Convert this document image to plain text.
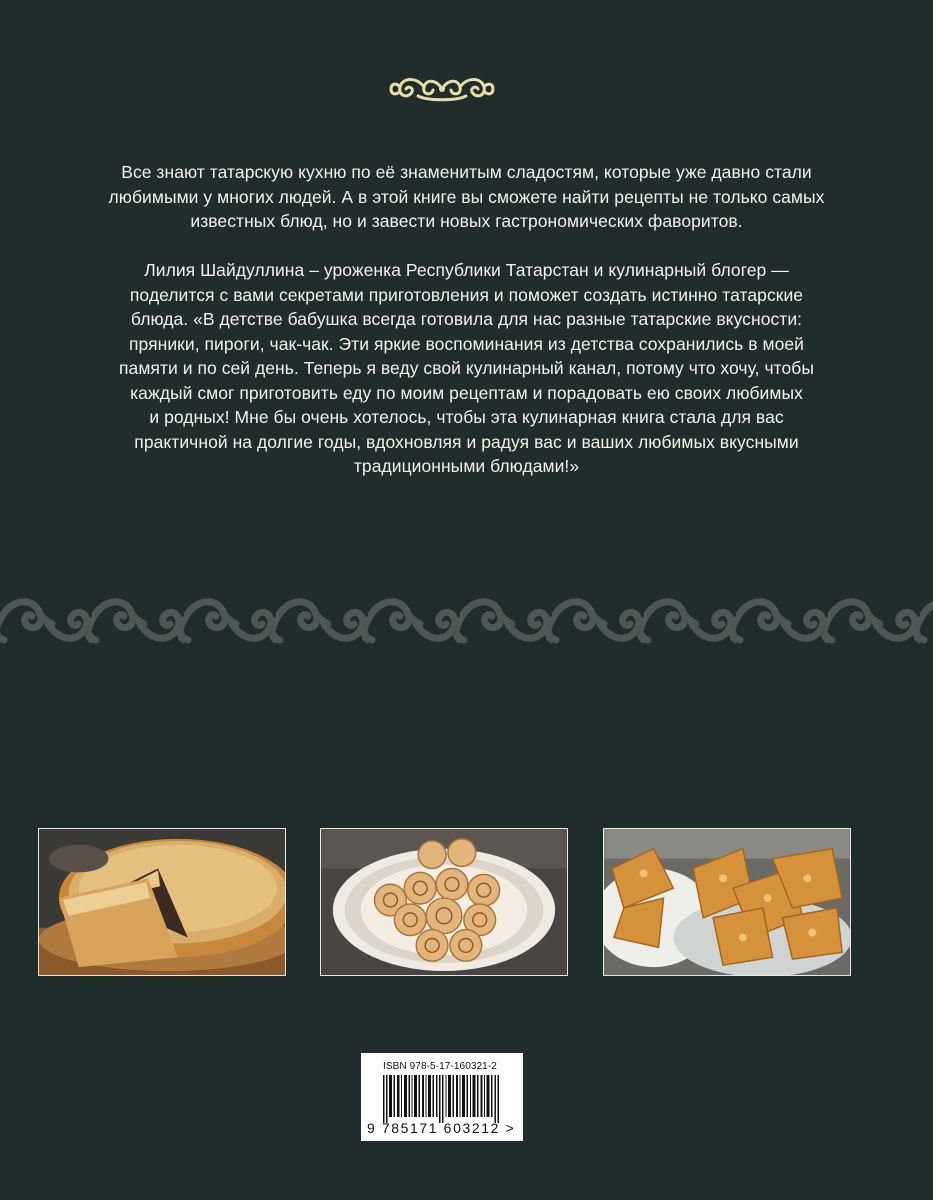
Все знают татарскую кухню по её знаменитым сладостям, которые уже давно стали
любимыми у многих людей. А в этой книге вы сможете найти рецепты не только самых
известных блюд, но и завести новых гастрономических фаворитов.
Лилия Шайдуллина – уроженка Республики Татарстан и кулинарный блогер —
поделится с вами секретами приготовления и поможет создать истинно татарские
блюда. «В детстве бабушка всегда готовила для нас разные татарские вкусности:
пряники, пироги, чак-чак. Эти яркие воспоминания из детства сохранились в моей
памяти и по сей день. Теперь я веду свой кулинарный канал, потому что хочу, чтобы
каждый смог приготовить еду по моим рецептам и порадовать ею своих любимых
и родных! Мне бы очень хотелось, чтобы эта кулинарная книга стала для вас
практичной на долгие годы, вдохновляя и радуя вас и ваших любимых вкусными
традиционными блюдами!»
ISBN 978-5-17-160321-2
9 785171 603212 >
